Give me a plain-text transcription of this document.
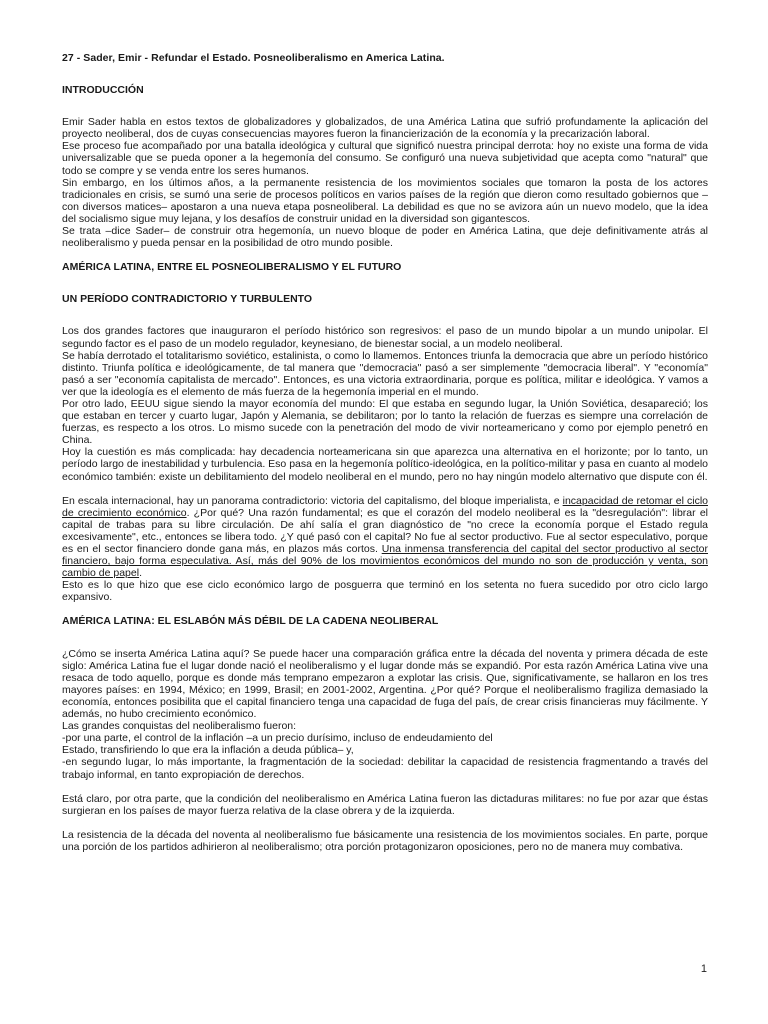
27 - Sader, Emir - Refundar el Estado. Posneoliberalismo en America Latina.
INTRODUCCIÓN

Emir Sader habla en estos textos de globalizadores y globalizados, de una América Latina que sufrió profundamente la aplicación del proyecto neoliberal, dos de cuyas consecuencias mayores fueron la financierización de la economía y la precarización laboral.

Ese proceso fue acompañado por una batalla ideológica y cultural que significó nuestra principal derrota: hoy no existe una forma de vida universalizable que se pueda oponer a la hegemonía del consumo. Se configuró una nueva subjetividad que acepta como "natural" que todo se compre y se venda entre los seres humanos.

Sin embargo, en los últimos años, a la permanente resistencia de los movimientos sociales que tomaron la posta de los actores tradicionales en crisis, se sumó una serie de procesos políticos en varios países de la región que dieron como resultado gobiernos que –con diversos matices– apostaron a una nueva etapa posneoliberal. La debilidad es que no se avizora aún un nuevo modelo, que la idea del socialismo sigue muy lejana, y los desafíos de construir unidad en la diversidad son gigantescos.

Se trata –dice Sader– de construir otra hegemonía, un nuevo bloque de poder en América Latina, que deje definitivamente atrás al neoliberalismo y pueda pensar en la posibilidad de otro mundo posible.

AMÉRICA LATINA, ENTRE EL POSNEOLIBERALISMO Y EL FUTURO
UN PERÍODO CONTRADICTORIO Y TURBULENTO

Los dos grandes factores que inauguraron el período histórico son regresivos: el paso de un mundo bipolar a un mundo unipolar. El segundo factor es el paso de un modelo regulador, keynesiano, de bienestar social, a un modelo neoliberal.

Se había derrotado el totalitarismo soviético, estalinista, o como lo llamemos. Entonces triunfa la democracia que abre un período histórico distinto. Triunfa política e ideológicamente, de tal manera que "democracia" pasó a ser simplemente "democracia liberal". Y "economía" pasó a ser "economía capitalista de mercado". Entonces, es una victoria extraordinaria, porque es política, militar e ideológica. Y vamos a ver que la ideología es el elemento de más fuerza de la hegemonía imperial en el mundo.

Por otro lado, EEUU sigue siendo la mayor economía del mundo: El que estaba en segundo lugar, la Unión Soviética, desapareció; los que estaban en tercer y cuarto lugar, Japón y Alemania, se debilitaron; por lo tanto la relación de fuerzas es siempre una correlación de fuerzas, es respecto a los otros. Lo mismo sucede con la penetración del modo de vivir norteamericano y como por ejemplo penetró en China.

Hoy la cuestión es más complicada: hay decadencia norteamericana sin que aparezca una alternativa en el horizonte; por lo tanto, un período largo de inestabilidad y turbulencia. Eso pasa en la hegemonía político-ideológica, en la político-militar y pasa en cuanto al modelo económico también: existe un debilitamiento del modelo neoliberal en el mundo, pero no hay ningún modelo alternativo que dispute con él.

En escala internacional, hay un panorama contradictorio: victoria del capitalismo, del bloque imperialista, e incapacidad de retomar el ciclo de crecimiento económico. ¿Por qué? Una razón fundamental; es que el corazón del modelo neoliberal es la "desregulación": librar el capital de trabas para su libre circulación. De ahí salía el gran diagnóstico de "no crece la economía porque el Estado regula excesivamente", etc., entonces se libera todo. ¿Y qué pasó con el capital? No fue al sector productivo. Fue al sector especulativo, porque es en el sector financiero donde gana más, en plazos más cortos. Una inmensa transferencia del capital del sector productivo al sector financiero, bajo forma especulativa. Así, más del 90% de los movimientos económicos del mundo no son de producción y venta, son cambio de papel.

Esto es lo que hizo que ese ciclo económico largo de posguerra que terminó en los setenta no fuera sucedido por otro ciclo largo expansivo.

AMÉRICA LATINA: EL ESLABÓN MÁS DÉBIL DE LA CADENA NEOLIBERAL

¿Cómo se inserta América Latina aquí? Se puede hacer una comparación gráfica entre la década del noventa y primera década de este siglo: América Latina fue el lugar donde nació el neoliberalismo y el lugar donde más se expandió. Por esta razón América Latina vive una resaca de todo aquello, porque es donde más temprano empezaron a explotar las crisis. Que, significativamente, se hallaron en los tres mayores países: en 1994, México; en 1999, Brasil; en 2001-2002, Argentina. ¿Por qué? Porque el neoliberalismo fragiliza demasiado la economía, entonces posibilita que el capital financiero tenga una capacidad de fuga del país, de crear crisis financieras muy fácilmente. Y además, no hubo crecimiento económico.

Las grandes conquistas del neoliberalismo fueron:

-por una parte, el control de la inflación –a un precio durísimo, incluso de endeudamiento del

Estado, transfiriendo lo que era la inflación a deuda pública– y,

-en segundo lugar, lo más importante, la fragmentación de la sociedad: debilitar la capacidad de resistencia fragmentando a través del trabajo informal, en tanto expropiación de derechos.

Está claro, por otra parte, que la condición del neoliberalismo en América Latina fueron las dictaduras militares: no fue por azar que éstas surgieran en los países de mayor fuerza relativa de la clase obrera y de la izquierda.

La resistencia de la década del noventa al neoliberalismo fue básicamente una resistencia de los movimientos sociales. En parte, porque una porción de los partidos adhirieron al neoliberalismo; otra porción protagonizaron oposiciones, pero no de manera muy combativa.

1
